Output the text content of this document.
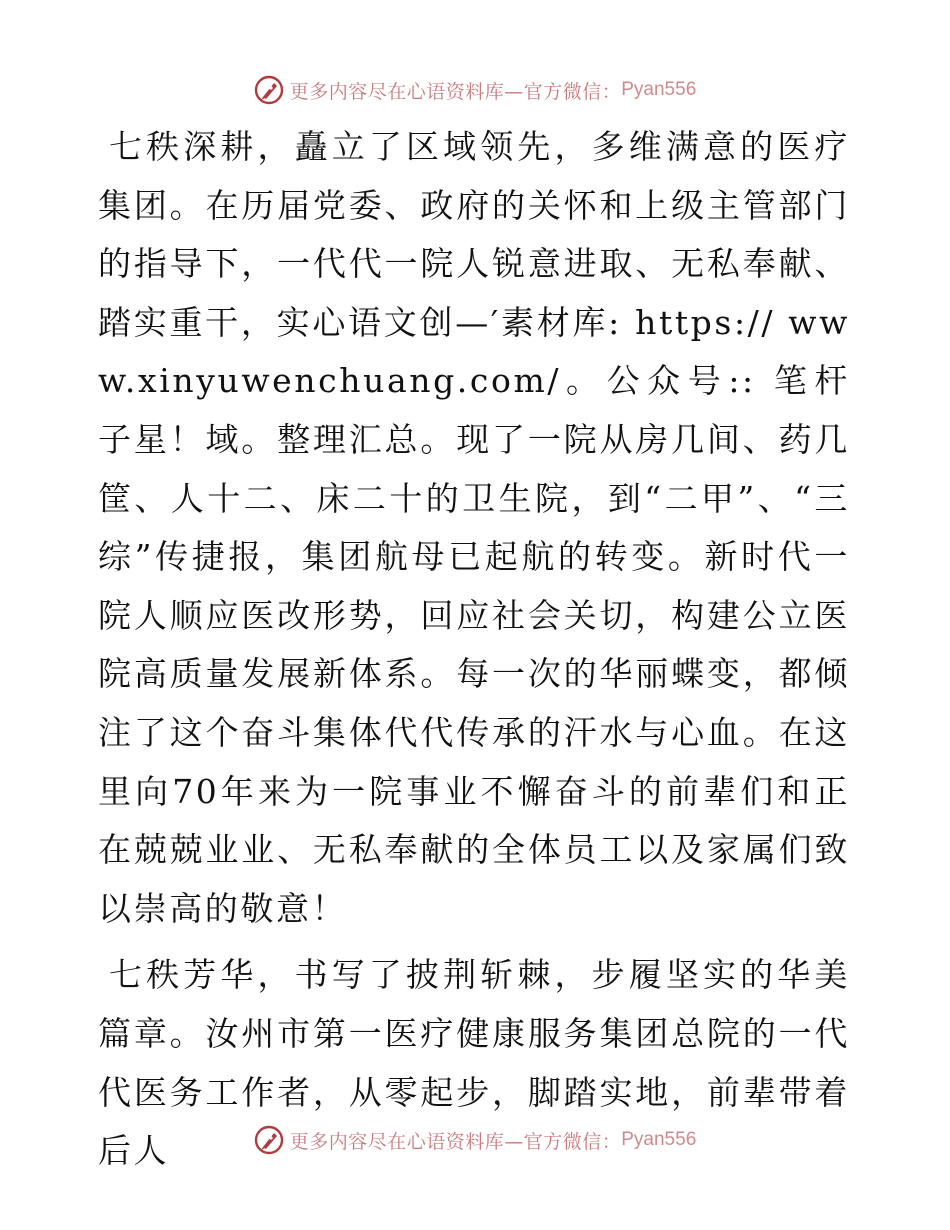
更多内容尽在心语资料库—官方微信： Pyan556

七秩深耕，矗立了区域领先，多维满意的医疗集团。在历届党委、政府的关怀和上级主管部门的指导下，一代代一院人锐意进取、无私奉献、踏实重干，实心语文创—′素材库: https:// www.xinyuwenchuang.com/。公众号:: 笔杆子星！域。整理汇总。现了一院从房几间、药几筐、人十二、床二十的卫生院，到“二甲”、“三综”传捷报，集团航母已起航的转变。新时代一院人顺应医改形势，回应社会关切，构建公立医院高质量发展新体系。每一次的华丽蝶变，都倾注了这个奋斗集体代代传承的汗水与心血。在这里向70年来为一院事业不懈奋斗的前辈们和正在兢兢业业、无私奉献的全体员工以及家属们致以崇高的敬意！

七秩芳华，书写了披荆斩棘，步履坚实的华美篇章。汝州市第一医疗健康服务集团总院的一代代医务工作者，从零起步，脚踏实地，前辈带着后人	更多内容尽在心语资料库—官方微信： Pyan556
